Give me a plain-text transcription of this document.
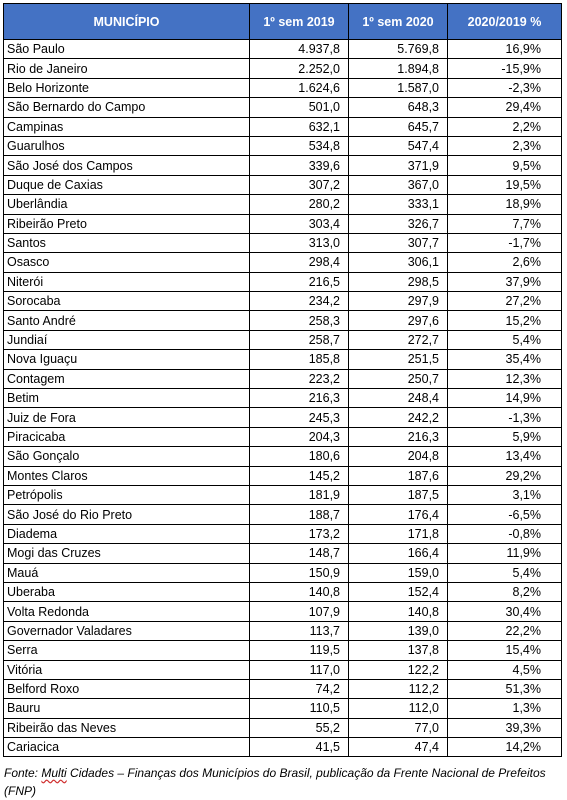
MUNICÍPIO	1º sem 2019	1º sem 2020	2020/2019 %
São Paulo	4.937,8	5.769,8	16,9%
Rio de Janeiro	2.252,0	1.894,8	-15,9%
Belo Horizonte	1.624,6	1.587,0	-2,3%
São Bernardo do Campo	501,0	648,3	29,4%
Campinas	632,1	645,7	2,2%
Guarulhos	534,8	547,4	2,3%
São José dos Campos	339,6	371,9	9,5%
Duque de Caxias	307,2	367,0	19,5%
Uberlândia	280,2	333,1	18,9%
Ribeirão Preto	303,4	326,7	7,7%
Santos	313,0	307,7	-1,7%
Osasco	298,4	306,1	2,6%
Niterói	216,5	298,5	37,9%
Sorocaba	234,2	297,9	27,2%
Santo André	258,3	297,6	15,2%
Jundiaí	258,7	272,7	5,4%
Nova Iguaçu	185,8	251,5	35,4%
Contagem	223,2	250,7	12,3%
Betim	216,3	248,4	14,9%
Juiz de Fora	245,3	242,2	-1,3%
Piracicaba	204,3	216,3	5,9%
São Gonçalo	180,6	204,8	13,4%
Montes Claros	145,2	187,6	29,2%
Petrópolis	181,9	187,5	3,1%
São José do Rio Preto	188,7	176,4	-6,5%
Diadema	173,2	171,8	-0,8%
Mogi das Cruzes	148,7	166,4	11,9%
Mauá	150,9	159,0	5,4%
Uberaba	140,8	152,4	8,2%
Volta Redonda	107,9	140,8	30,4%
Governador Valadares	113,7	139,0	22,2%
Serra	119,5	137,8	15,4%
Vitória	117,0	122,2	4,5%
Belford Roxo	74,2	112,2	51,3%
Bauru	110,5	112,0	1,3%
Ribeirão das Neves	55,2	77,0	39,3%
Cariacica	41,5	47,4	14,2%
Fonte: Multi Cidades – Finanças dos Municípios do Brasil, publicação da Frente Nacional de Prefeitos (FNP)
